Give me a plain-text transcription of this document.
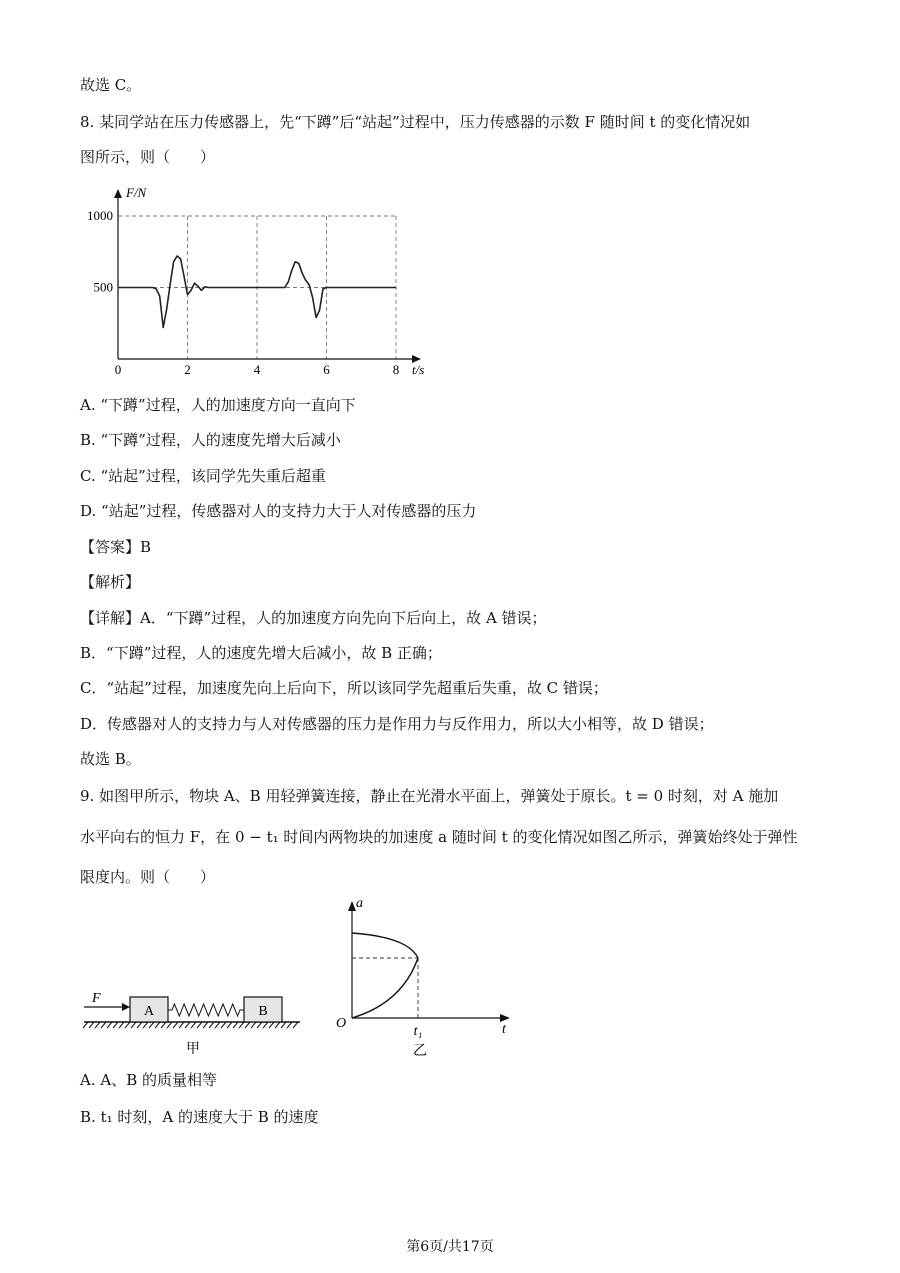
故选 C。
8. 某同学站在压力传感器上，先“下蹲”后“站起”过程中，压力传感器的示数 F 随时间 t 的变化情况如
图所示，则（　　）
0	2	4	6	8
500
1000
F/N
t/s
A. “下蹲”过程，人的加速度方向一直向下
B. “下蹲”过程，人的速度先增大后减小
C. “站起”过程，该同学先失重后超重
D. “站起”过程，传感器对人的支持力大于人对传感器的压力
【答案】B
【解析】
【详解】A．“下蹲”过程，人的加速度方向先向下后向上，故 A 错误；
B．“下蹲”过程，人的速度先增大后减小，故 B 正确；
C．“站起”过程，加速度先向上后向下，所以该同学先超重后失重，故 C 错误；
D．传感器对人的支持力与人对传感器的压力是作用力与反作用力，所以大小相等，故 D 错误；
故选 B。
9. 如图甲所示，物块 A、B 用轻弹簧连接，静止在光滑水平面上，弹簧处于原长。t = 0 时刻，对 A 施加
水平向右的恒力 F，在 0 − t₁ 时间内两物块的加速度 a 随时间 t 的变化情况如图乙所示，弹簧始终处于弹性
限度内。则（　　）
A	B
F
甲
a
t
O
t₁
乙
A. A、B 的质量相等
B. t₁ 时刻，A 的速度大于 B 的速度
第6页/共17页
